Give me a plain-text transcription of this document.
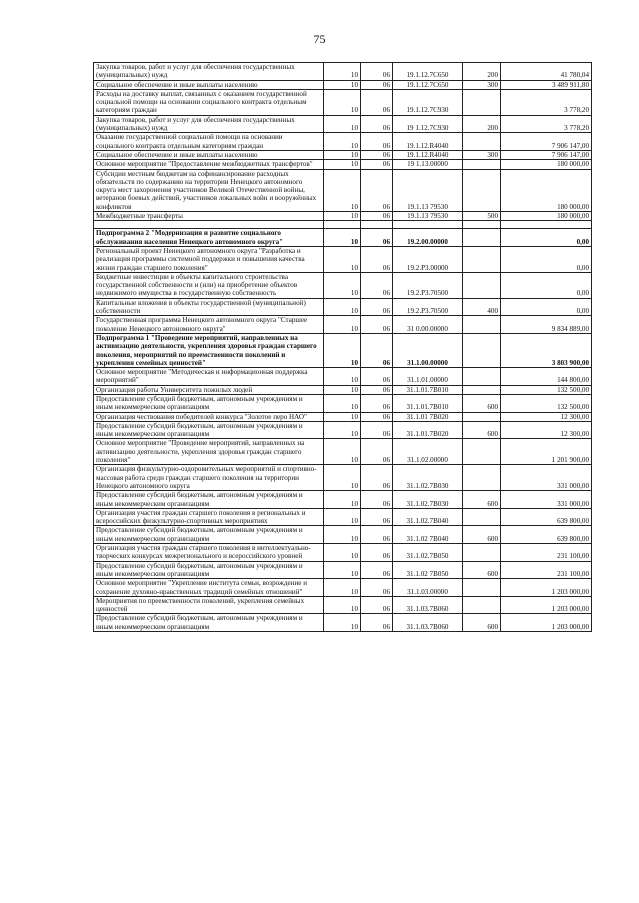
75
Закупка товаров, работ и услуг для обеспечения государственных (муниципальных) нужд	10	06	19.1.12.7С650	200	41 780,04
Социальное обеспечение и иные выплаты населению	10	06	19.1.12.7С650	300	3 489 911,80
Расходы на доставку выплат, связанных с оказанием государственной социальной помощи на основании социального контракта отдельным категориям граждан	10	06	19.1.12.7С930		3 778,20
Закупка товаров, работ и услуг для обеспечения государственных (муниципальных) нужд	10	06	19 1.12.7С930	200	3 778,20
Оказание государственной социальной помощи на основании социального контракта отдельным категориям граждан	10	06	19.1.12.R4040		7 906 147,00
Социальное обеспечение и иные выплаты населению	10	06	19.1.12.R4040	300	7 906 147,00
Основное мероприятие "Предоставление межбюджетных трансфертов"	10	06	19 1.13.00000		180 000,00
Субсидии местным бюджетам на софинансирование расходных обязательств по содержанию на территории Ненецкого автономного округа мест захоронения участников Великой Отечественной войны, ветеранов боевых действий, участников локальных войн и вооружённых конфликтов	10	06	19.1.13 79530		180 000,00
Межбюджетные трансферты	10	06	19.1.13 79530	500	180 000,00

Подпрограмма 2 "Модернизация и развитие социального обслуживания населения Ненецкого автономного округа"	10	06	19.2.00.00000		0,00
Региональный проект Ненецкого автономного округа "Разработка и реализация программы системной поддержки и повышения качества жизни граждан старшего поколения"	10	06	19.2.Р3.00000		0,00
Бюджетные инвестиции в объекты капитального строительства государственной собственности и (или) на приобретение объектов недвижимого имущества в государственную собственность	10	06	19.2.Р3.70500		0,00
Капитальные вложения в объекты государственной (муниципальной) собственности	10	06	19.2.Р3.70500	400	0,00
Государственная программа Ненецкого автономного округа "Старшее поколение Ненецкого автономного округа"	10	06	31 0.00.00000		9 834 889,00
Подпрограмма 1 "Проведение мероприятий, направленных на активизацию деятельности, укрепления здоровья граждан старшего поколения, мероприятий по преемственности поколений и укрепления семейных ценностей"	10	06	31.1.00.00000		3 803 900,00
Основное мероприятие "Методическая и информационная поддержка мероприятий"	10	06	31.1.01.00000		144 800,00
Организация работы Университета пожилых людей	10	06	31.1.01.7В010		132 500,00
Предоставление субсидий бюджетным, автономным учреждениям и иным некоммерческим организациям	10	06	31.1.01.7В010	600	132 500,00
Организация чествования победителей конкурса "Золотое перо НАО"	10	06	31.1.01 7В020		12 300,00
Предоставление субсидий бюджетным, автономным учреждениям и иным некоммерческим организациям	10	06	31.1.01.7В020	600	12 300,00
Основное мероприятие "Проведение мероприятий, направленных на активизацию деятельности, укрепления здоровья граждан старшего поколения"	10	06	31.1.02.00000		1 201 900,00
Организация физкультурно-оздоровительных мероприятий и спортивно-массовая работа среди граждан старшего поколения на территории Ненецкого автономного округа	10	06	31.1.02.7В030		331 000,00
Предоставление субсидий бюджетным, автономным учреждениям и иным некоммерческим организациям	10	06	31.1.02.7В030	600	331 000,00
Организация участия граждан старшего поколения в региональных и всероссийских физкультурно-спортивных мероприятиях	10	06	31.1.02.7В040		639 800,00
Предоставление субсидий бюджетным, автономным учреждениям и иным некоммерческим организациям	10	06	31.1.02 7В040	600	639 800,00
Организация участия граждан старшего поколения в интеллектуально-творческих конкурсах межрегионального и всероссийского уровней	10	06	31.1.02.7В050		231 100,00
Предоставление субсидий бюджетным, автономным учреждениям и иным некоммерческим организациям	10	06	31.1.02 7В050	600	231 100,00
Основное мероприятие "Укрепление института семьи, возрождение и сохранение духовно-нравственных традиций семейных отношений"	10	06	31.1.03.00000		1 203 000,00
Мероприятия по преемственности поколений, укрепления семейных ценностей	10	06	31.1.03.7В060		1 203 000,00
Предоставление субсидий бюджетным, автономным учреждениям и иным некоммерческим организациям	10	06	31.1.03.7В060	600	1 203 000,00
